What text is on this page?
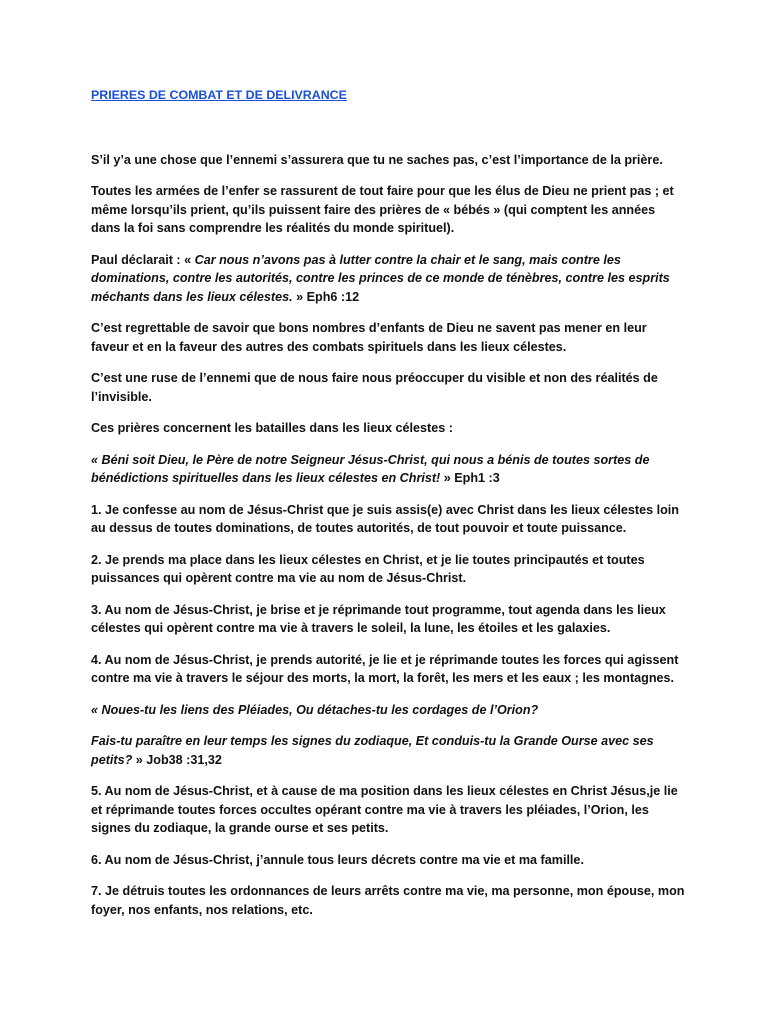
PRIERES DE COMBAT ET DE DELIVRANCE

S’il y’a une chose que l’ennemi s’assurera que tu ne saches pas, c’est l’importance de la prière.

Toutes les armées de l’enfer se rassurent de tout faire pour que les élus de Dieu ne prient pas ; et même lorsqu’ils prient, qu’ils puissent faire des prières de « bébés » (qui comptent les années dans la foi sans comprendre les réalités du monde spirituel).

Paul déclarait : « Car nous n’avons pas à lutter contre la chair et le sang, mais contre les dominations, contre les autorités, contre les princes de ce monde de ténèbres, contre les esprits méchants dans les lieux célestes. » Eph6 :12

C’est regrettable de savoir que bons nombres d’enfants de Dieu ne savent pas mener en leur faveur et en la faveur des autres des combats spirituels dans les lieux célestes.

C’est une ruse de l’ennemi que de nous faire nous préoccuper du visible et non des réalités de l’invisible.

Ces prières concernent les batailles dans les lieux célestes :

« Béni soit Dieu, le Père de notre Seigneur Jésus-Christ, qui nous a bénis de toutes sortes de bénédictions spirituelles dans les lieux célestes en Christ! » Eph1 :3

1. Je confesse au nom de Jésus-Christ que je suis assis(e) avec Christ dans les lieux célestes loin au dessus de toutes dominations, de toutes autorités, de tout pouvoir et toute puissance.

2. Je prends ma place dans les lieux célestes en Christ, et je lie toutes principautés et toutes puissances qui opèrent contre ma vie au nom de Jésus-Christ.

3. Au nom de Jésus-Christ, je brise et je réprimande tout programme, tout agenda dans les lieux célestes qui opèrent contre ma vie à travers le soleil, la lune, les étoiles et les galaxies.

4. Au nom de Jésus-Christ, je prends autorité, je lie et je réprimande toutes les forces qui agissent contre ma vie à travers le séjour des morts, la mort, la forêt, les mers et les eaux ; les montagnes.

« Noues-tu les liens des Pléiades, Ou détaches-tu les cordages de l’Orion?

Fais-tu paraître en leur temps les signes du zodiaque, Et conduis-tu la Grande Ourse avec ses petits? » Job38 :31,32

5. Au nom de Jésus-Christ, et à cause de ma position dans les lieux célestes en Christ Jésus,je lie et réprimande toutes forces occultes opérant contre ma vie à travers les pléiades, l’Orion, les signes du zodiaque, la grande ourse et ses petits.

6. Au nom de Jésus-Christ, j’annule tous leurs décrets contre ma vie et ma famille.

7. Je détruis toutes les ordonnances de leurs arrêts contre ma vie, ma personne, mon épouse, mon foyer, nos enfants, nos relations, etc.
